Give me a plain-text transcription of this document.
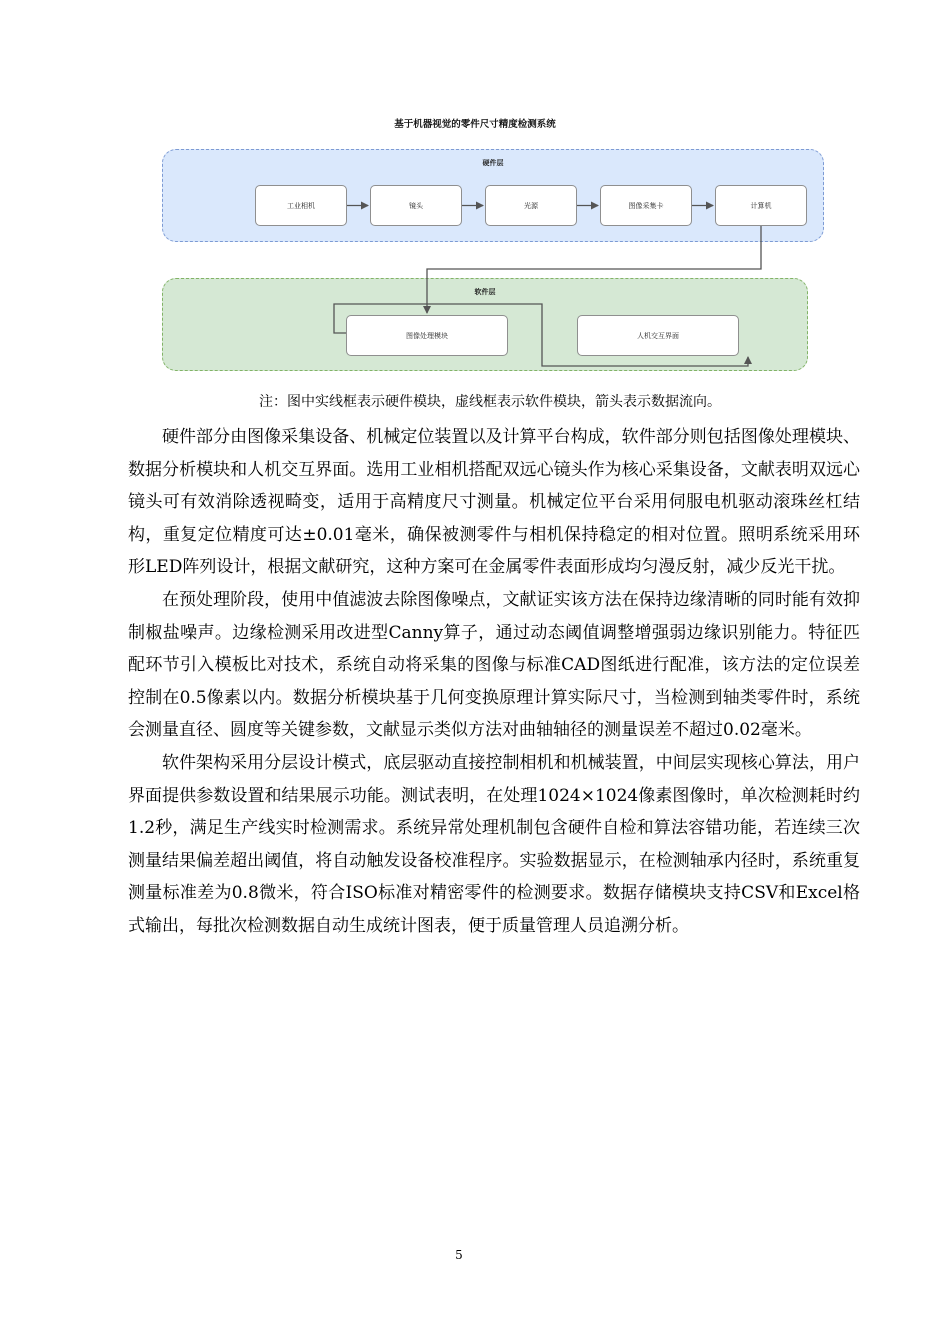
基于机器视觉的零件尺寸精度检测系统
硬件层
工业相机	镜头	光源	图像采集卡	计算机
软件层
图像处理模块	人机交互界面
注：图中实线框表示硬件模块，虚线框表示软件模块，箭头表示数据流向。

硬件部分由图像采集设备、机械定位装置以及计算平台构成，软件部分则包括图像处理模块、数据分析模块和人机交互界面。选用工业相机搭配双远心镜头作为核心采集设备，文献表明双远心镜头可有效消除透视畸变，适用于高精度尺寸测量。机械定位平台采用伺服电机驱动滚珠丝杠结构，重复定位精度可达±0.01毫米，确保被测零件与相机保持稳定的相对位置。照明系统采用环形LED阵列设计，根据文献研究，这种方案可在金属零件表面形成均匀漫反射，减少反光干扰。

在预处理阶段，使用中值滤波去除图像噪点，文献证实该方法在保持边缘清晰的同时能有效抑制椒盐噪声。边缘检测采用改进型Canny算子，通过动态阈值调整增强弱边缘识别能力。特征匹配环节引入模板比对技术，系统自动将采集的图像与标准CAD图纸进行配准，该方法的定位误差控制在0.5像素以内。数据分析模块基于几何变换原理计算实际尺寸，当检测到轴类零件时，系统会测量直径、圆度等关键参数，文献显示类似方法对曲轴轴径的测量误差不超过0.02毫米。

软件架构采用分层设计模式，底层驱动直接控制相机和机械装置，中间层实现核心算法，用户界面提供参数设置和结果展示功能。测试表明，在处理1024×1024像素图像时，单次检测耗时约1.2秒，满足生产线实时检测需求。系统异常处理机制包含硬件自检和算法容错功能，若连续三次测量结果偏差超出阈值，将自动触发设备校准程序。实验数据显示，在检测轴承内径时，系统重复测量标准差为0.8微米，符合ISO标准对精密零件的检测要求。数据存储模块支持CSV和Excel格式输出，每批次检测数据自动生成统计图表，便于质量管理人员追溯分析。

5
